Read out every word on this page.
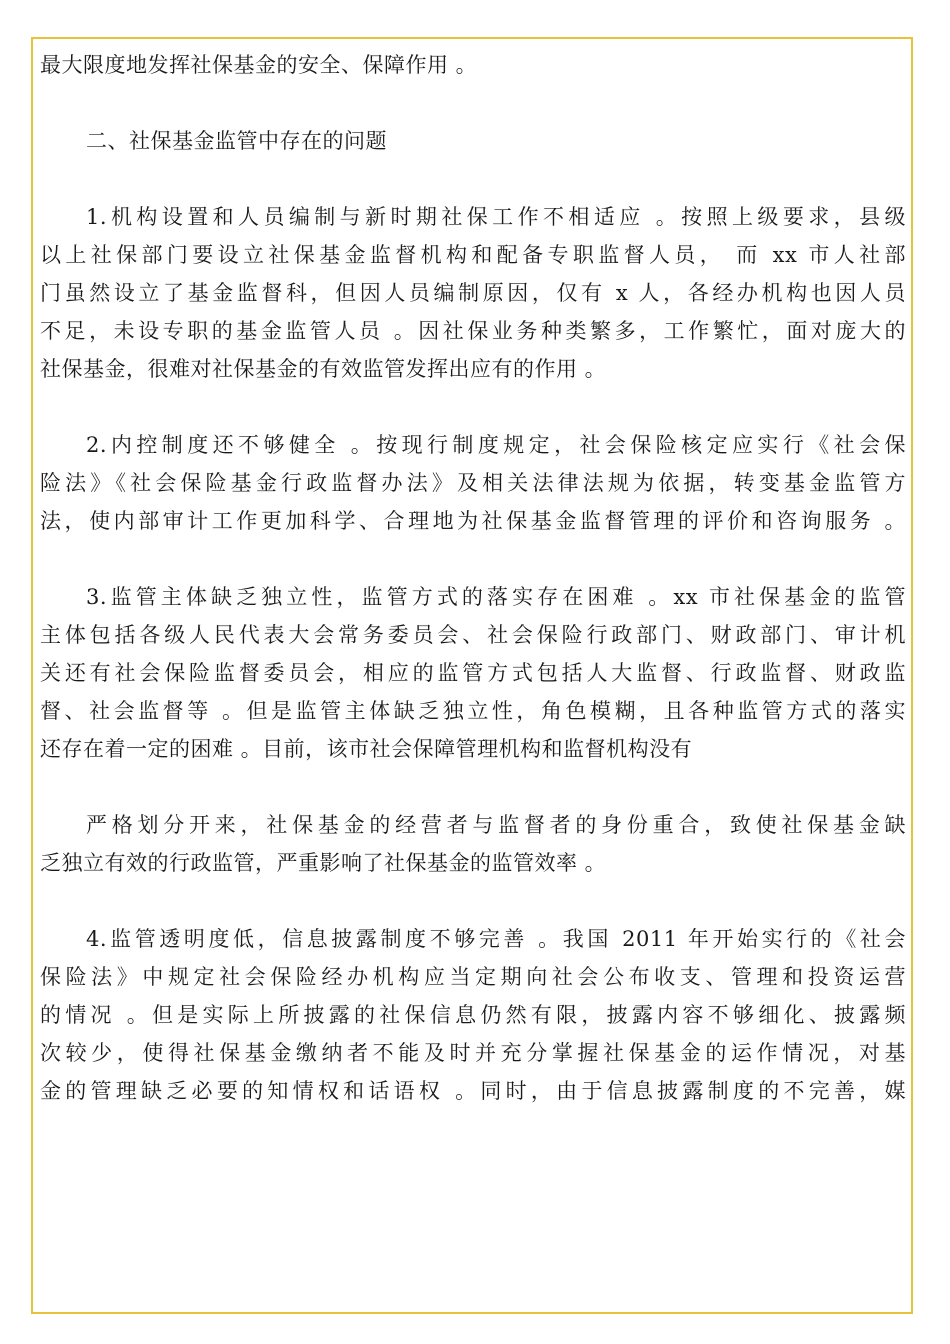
最大限度地发挥社保基金的安全、保障作用 。
二、社保基金监管中存在的问题
1.机构设置和人员编制与新时期社保工作不相适应 。按照上级要求，县级
以上社保部门要设立社保基金监督机构和配备专职监督人员， 而 xx 市人社部
门虽然设立了基金监督科，但因人员编制原因，仅有 x 人，各经办机构也因人员
不足，未设专职的基金监管人员 。因社保业务种类繁多，工作繁忙，面对庞大的
社保基金，很难对社保基金的有效监管发挥出应有的作用 。
2.内控制度还不够健全 。按现行制度规定，社会保险核定应实行《社会保
险法》《社会保险基金行政监督办法》及相关法律法规为依据，转变基金监管方
法，使内部审计工作更加科学、合理地为社保基金监督管理的评价和咨询服务 。
3.监管主体缺乏独立性，监管方式的落实存在困难 。xx 市社保基金的监管
主体包括各级人民代表大会常务委员会、社会保险行政部门、财政部门、审计机
关还有社会保险监督委员会，相应的监管方式包括人大监督、行政监督、财政监
督、社会监督等 。但是监管主体缺乏独立性，角色模糊，且各种监管方式的落实
还存在着一定的困难 。目前，该市社会保障管理机构和监督机构没有
严格划分开来，社保基金的经营者与监督者的身份重合，致使社保基金缺
乏独立有效的行政监管，严重影响了社保基金的监管效率 。
4.监管透明度低，信息披露制度不够完善 。我国 2011 年开始实行的《社会
保险法》中规定社会保险经办机构应当定期向社会公布收支、管理和投资运营
的情况 。但是实际上所披露的社保信息仍然有限，披露内容不够细化、披露频
次较少，使得社保基金缴纳者不能及时并充分掌握社保基金的运作情况，对基
金的管理缺乏必要的知情权和话语权 。同时，由于信息披露制度的不完善，媒
